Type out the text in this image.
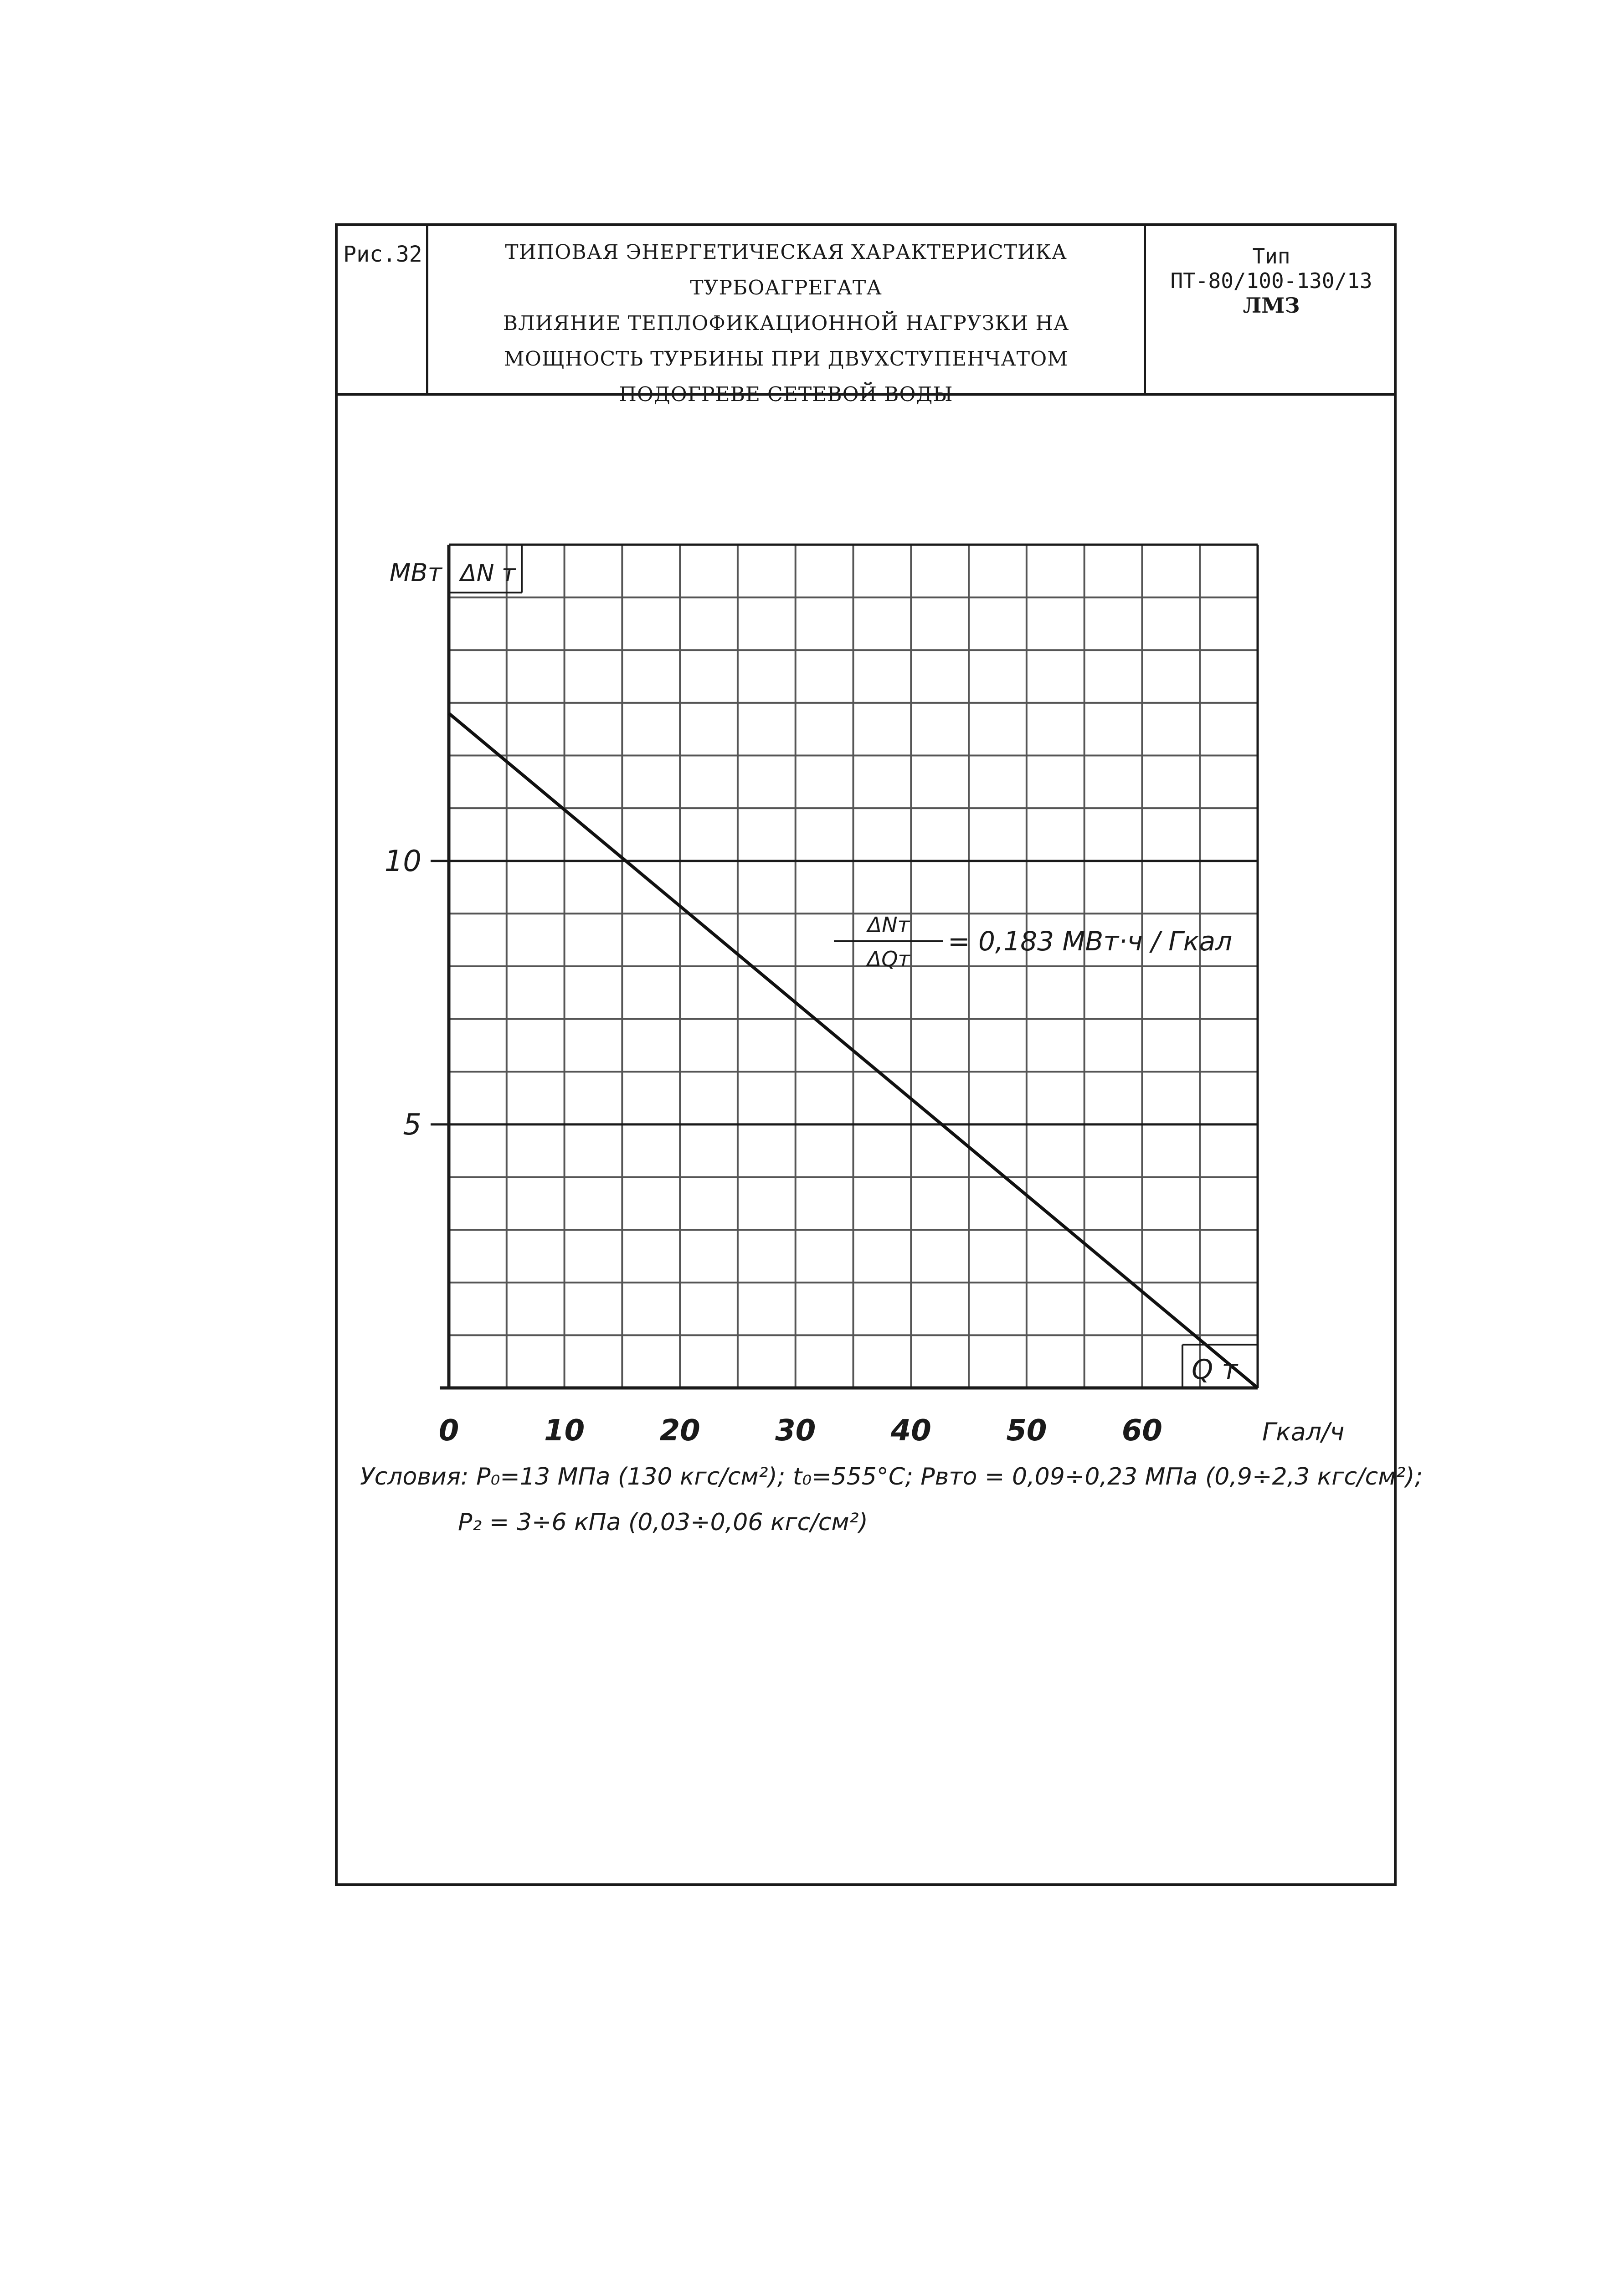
Рис.32	ТИПОВАЯ ЭНЕРГЕТИЧЕСКАЯ ХАРАКТЕРИСТИКА ТУРБОАГРЕГАТА
ВЛИЯНИЕ ТЕПЛОФИКАЦИОННОЙ НАГРУЗКИ НА
МОЩНОСТЬ ТУРБИНЫ ПРИ ДВУХСТУПЕНЧАТОМ
ПОДОГРЕВЕ СЕТЕВОЙ ВОДЫ
Тип
ПТ-80/100-130/13
ЛМЗ
5
10
0	10	20	30	40	50	60
МВт ΔN т
Гкал/ч
Q т
ΔNт
ΔQт
= 0,183 МВт·ч / Гкал
Условия: P₀=13 МПа (130 кгс/см²); t₀=555°С; Pвто = 0,09÷0,23 МПа (0,9÷2,3 кгс/см²);
P₂ = 3÷6 кПа (0,03÷0,06 кгс/см²)
